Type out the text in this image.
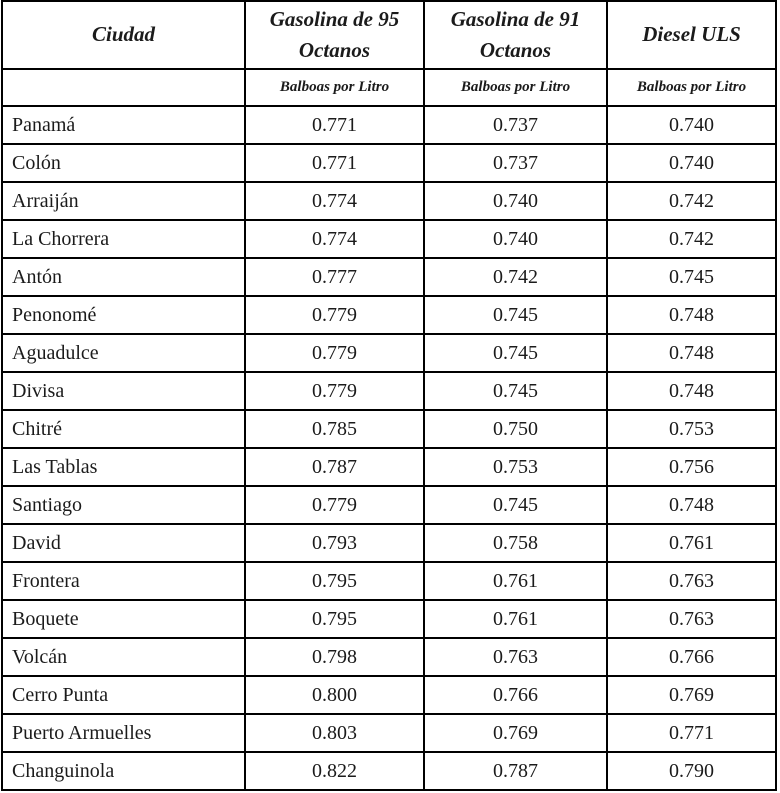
Ciudad	Gasolina de 95 Octanos	Gasolina de 91 Octanos	Diesel ULS
	Balboas por Litro	Balboas por Litro	Balboas por Litro
Panamá	0.771	0.737	0.740
Colón	0.771	0.737	0.740
Arraiján	0.774	0.740	0.742
La Chorrera	0.774	0.740	0.742
Antón	0.777	0.742	0.745
Penonomé	0.779	0.745	0.748
Aguadulce	0.779	0.745	0.748
Divisa	0.779	0.745	0.748
Chitré	0.785	0.750	0.753
Las Tablas	0.787	0.753	0.756
Santiago	0.779	0.745	0.748
David	0.793	0.758	0.761
Frontera	0.795	0.761	0.763
Boquete	0.795	0.761	0.763
Volcán	0.798	0.763	0.766
Cerro Punta	0.800	0.766	0.769
Puerto Armuelles	0.803	0.769	0.771
Changuinola	0.822	0.787	0.790
